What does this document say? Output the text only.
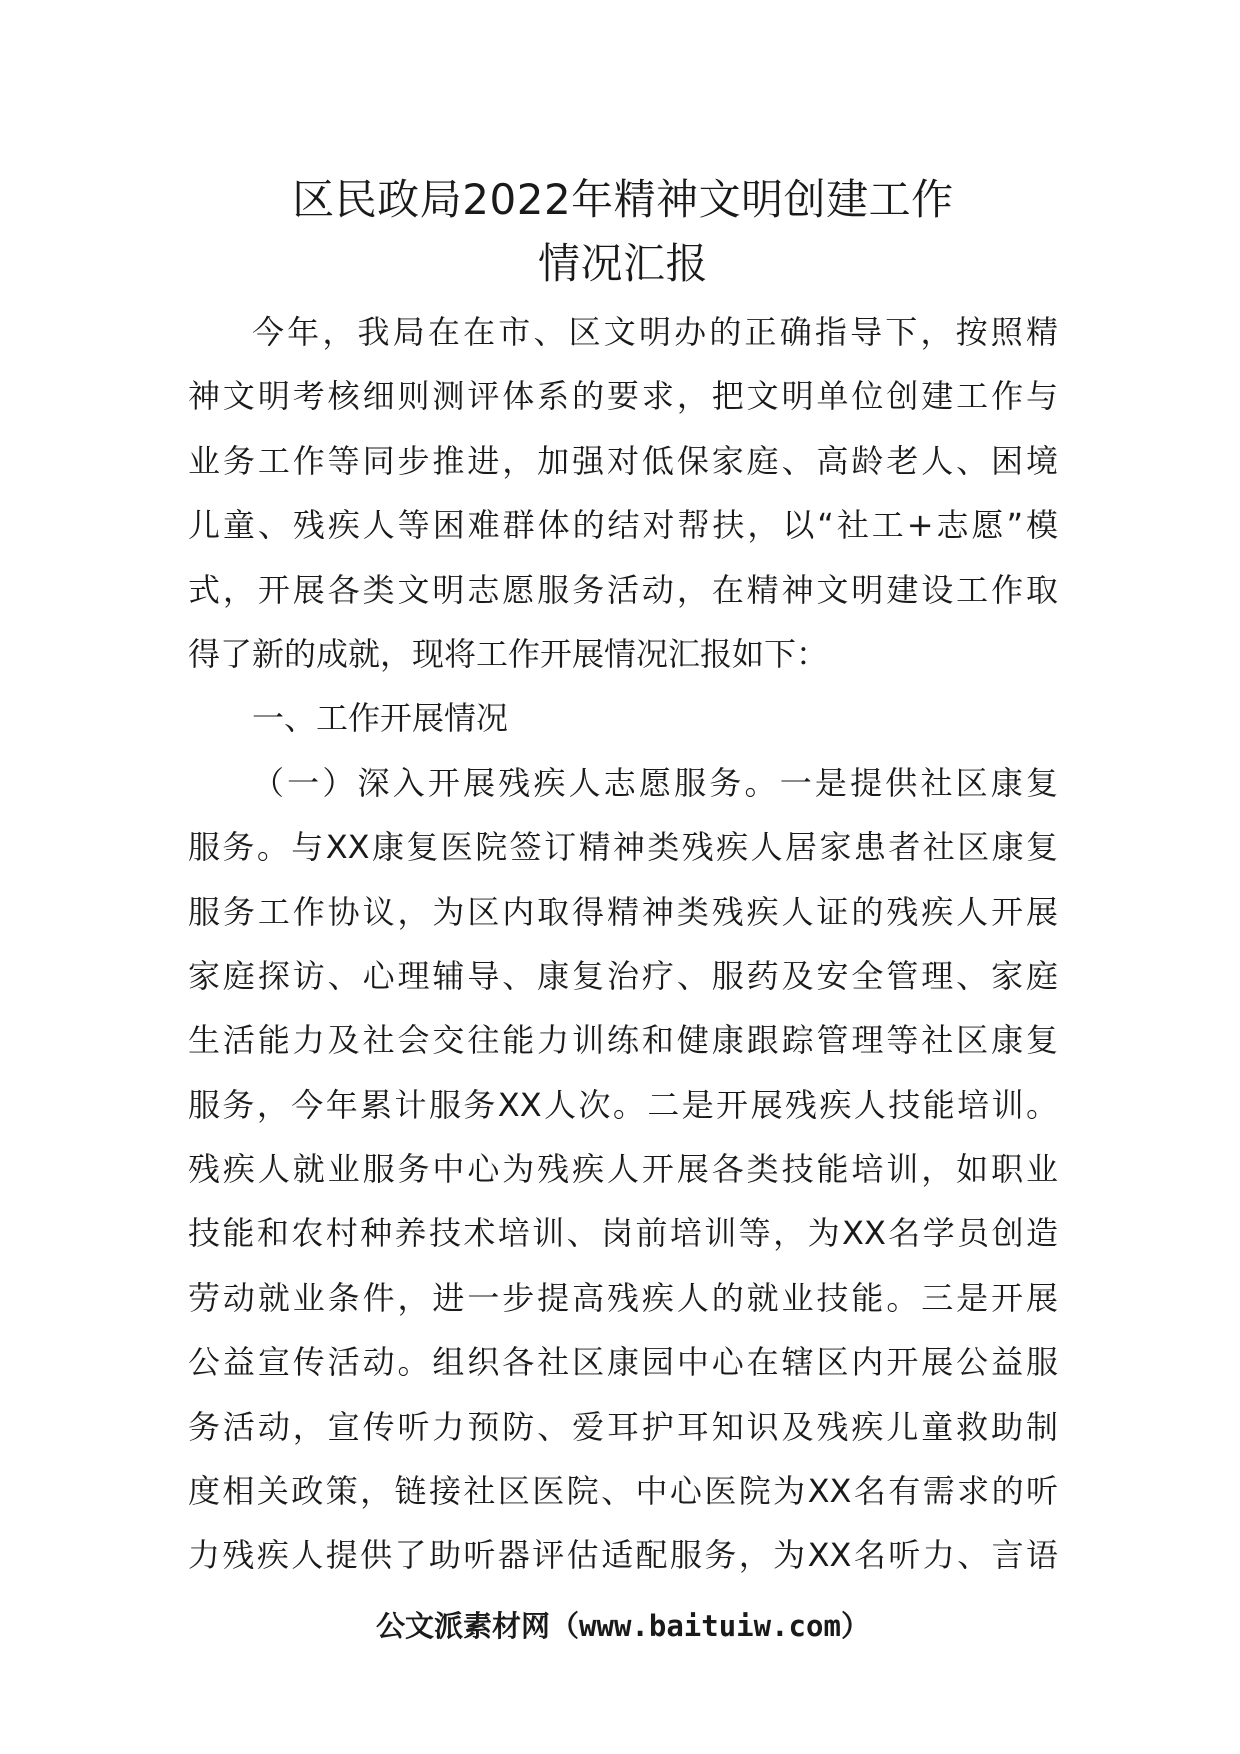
区民政局2022年精神文明创建工作
情况汇报
今年，我局在在市、区文明办的正确指导下，按照精
神文明考核细则测评体系的要求，把文明单位创建工作与
业务工作等同步推进，加强对低保家庭、高龄老人、困境
儿童、残疾人等困难群体的结对帮扶，以“社工+志愿”模
式，开展各类文明志愿服务活动，在精神文明建设工作取
得了新的成就，现将工作开展情况汇报如下：
一、工作开展情况
（一）深入开展残疾人志愿服务。一是提供社区康复
服务。与XX康复医院签订精神类残疾人居家患者社区康复
服务工作协议，为区内取得精神类残疾人证的残疾人开展
家庭探访、心理辅导、康复治疗、服药及安全管理、家庭
生活能力及社会交往能力训练和健康跟踪管理等社区康复
服务，今年累计服务XX人次。二是开展残疾人技能培训。
残疾人就业服务中心为残疾人开展各类技能培训，如职业
技能和农村种养技术培训、岗前培训等，为XX名学员创造
劳动就业条件，进一步提高残疾人的就业技能。三是开展
公益宣传活动。组织各社区康园中心在辖区内开展公益服
务活动，宣传听力预防、爱耳护耳知识及残疾儿童救助制
度相关政策，链接社区医院、中心医院为XX名有需求的听
力残疾人提供了助听器评估适配服务，为XX名听力、言语
公文派素材网（www.baituiw.com）
